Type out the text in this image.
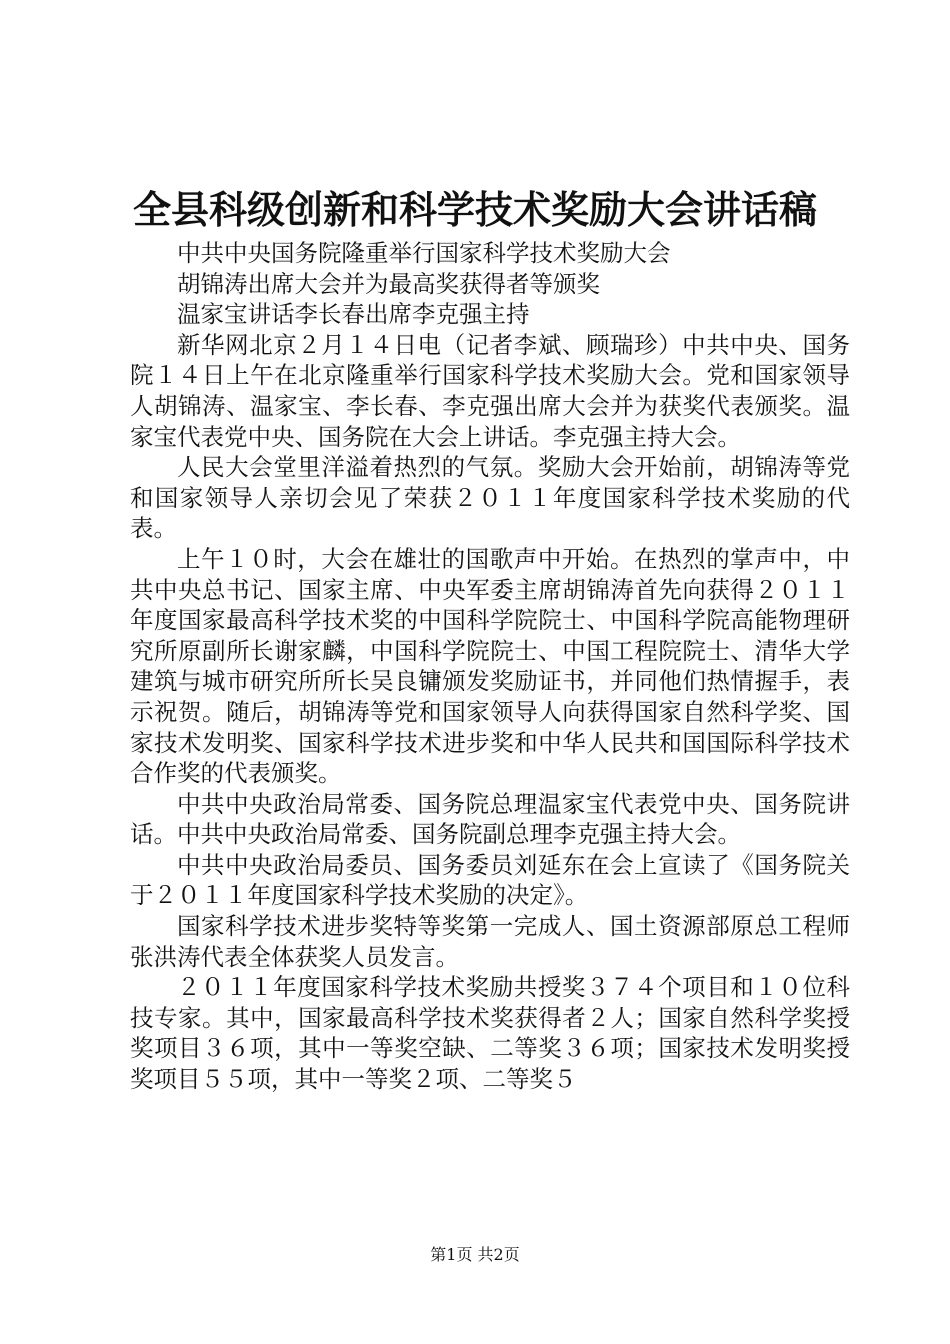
全县科级创新和科学技术奖励大会讲话稿

中共中央国务院隆重举行国家科学技术奖励大会

胡锦涛出席大会并为最高奖获得者等颁奖

温家宝讲话李长春出席李克强主持

新华网北京２月１４日电（记者李斌、顾瑞珍）中共中央、国务院１４日上午在北京隆重举行国家科学技术奖励大会。党和国家领导人胡锦涛、温家宝、李长春、李克强出席大会并为获奖代表颁奖。温家宝代表党中央、国务院在大会上讲话。李克强主持大会。

人民大会堂里洋溢着热烈的气氛。奖励大会开始前，胡锦涛等党和国家领导人亲切会见了荣获２０１１年度国家科学技术奖励的代表。

上午１０时，大会在雄壮的国歌声中开始。在热烈的掌声中，中共中央总书记、国家主席、中央军委主席胡锦涛首先向获得２０１１年度国家最高科学技术奖的中国科学院院士、中国科学院高能物理研究所原副所长谢家麟，中国科学院院士、中国工程院院士、清华大学建筑与城市研究所所长吴良镛颁发奖励证书，并同他们热情握手，表示祝贺。随后，胡锦涛等党和国家领导人向获得国家自然科学奖、国家技术发明奖、国家科学技术进步奖和中华人民共和国国际科学技术合作奖的代表颁奖。

中共中央政治局常委、国务院总理温家宝代表党中央、国务院讲话。中共中央政治局常委、国务院副总理李克强主持大会。

中共中央政治局委员、国务委员刘延东在会上宣读了《国务院关于２０１１年度国家科学技术奖励的决定》。

国家科学技术进步奖特等奖第一完成人、国土资源部原总工程师张洪涛代表全体获奖人员发言。

２０１１年度国家科学技术奖励共授奖３７４个项目和１０位科技专家。其中，国家最高科学技术奖获得者２人；国家自然科学奖授奖项目３６项，其中一等奖空缺、二等奖３６项；国家技术发明奖授奖项目５５项，其中一等奖２项、二等奖５

第1页 共2页
